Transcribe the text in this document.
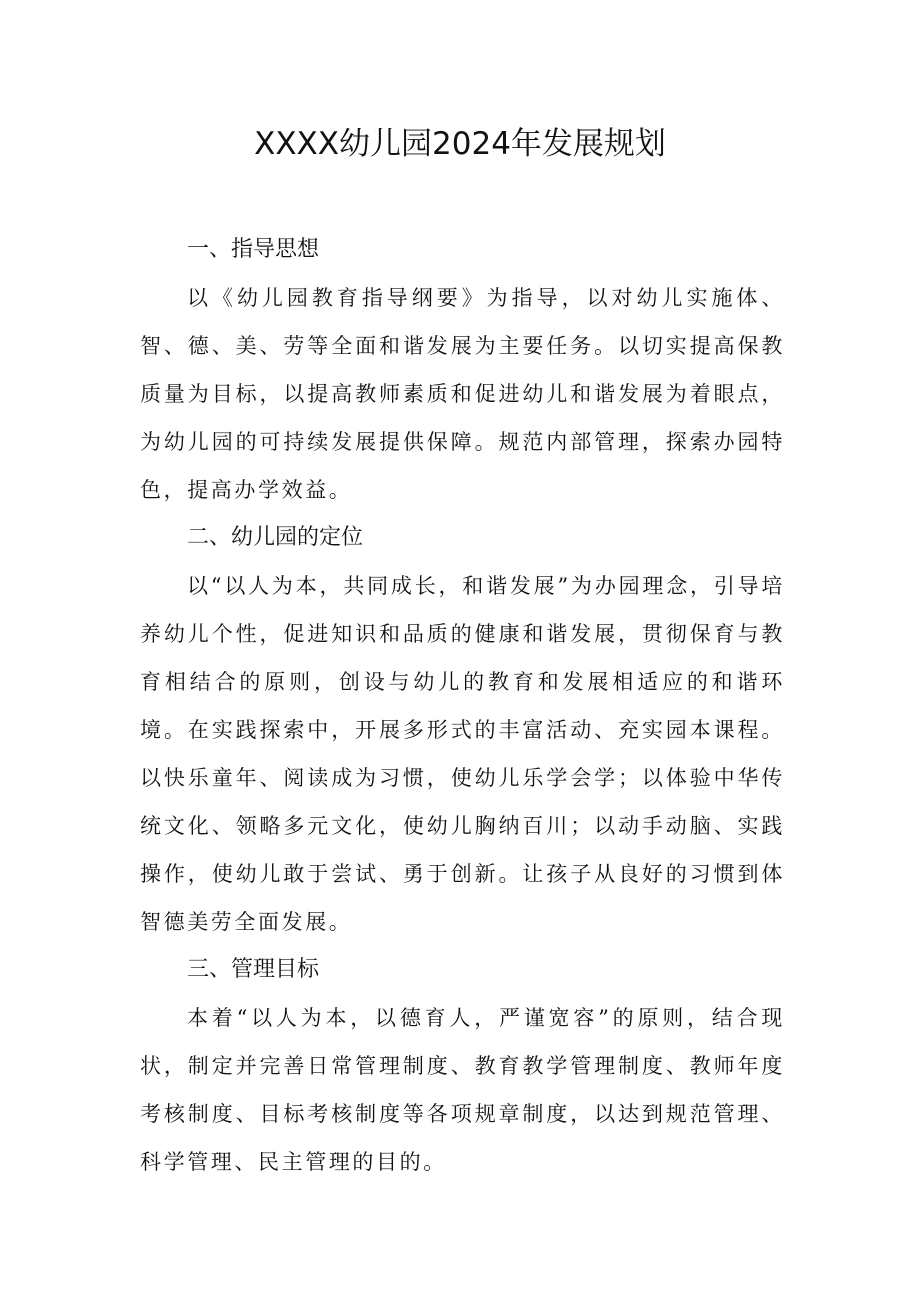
XXXX幼儿园2024年发展规划
一、指导思想

以《幼儿园教育指导纲要》为指导，以对幼儿实施体、智、德、美、劳等全面和谐发展为主要任务。以切实提高保教质量为目标，以提高教师素质和促进幼儿和谐发展为着眼点，为幼儿园的可持续发展提供保障。规范内部管理，探索办园特色，提高办学效益。

二、幼儿园的定位

以“以人为本，共同成长，和谐发展”为办园理念，引导培养幼儿个性，促进知识和品质的健康和谐发展，贯彻保育与教育相结合的原则，创设与幼儿的教育和发展相适应的和谐环境。在实践探索中，开展多形式的丰富活动、充实园本课程。以快乐童年、阅读成为习惯，使幼儿乐学会学；以体验中华传统文化、领略多元文化，使幼儿胸纳百川；以动手动脑、实践操作，使幼儿敢于尝试、勇于创新。让孩子从良好的习惯到体智德美劳全面发展。

三、管理目标

本着“以人为本，以德育人，严谨宽容”的原则，结合现状，制定并完善日常管理制度、教育教学管理制度、教师年度考核制度、目标考核制度等各项规章制度，以达到规范管理、科学管理、民主管理的目的。
